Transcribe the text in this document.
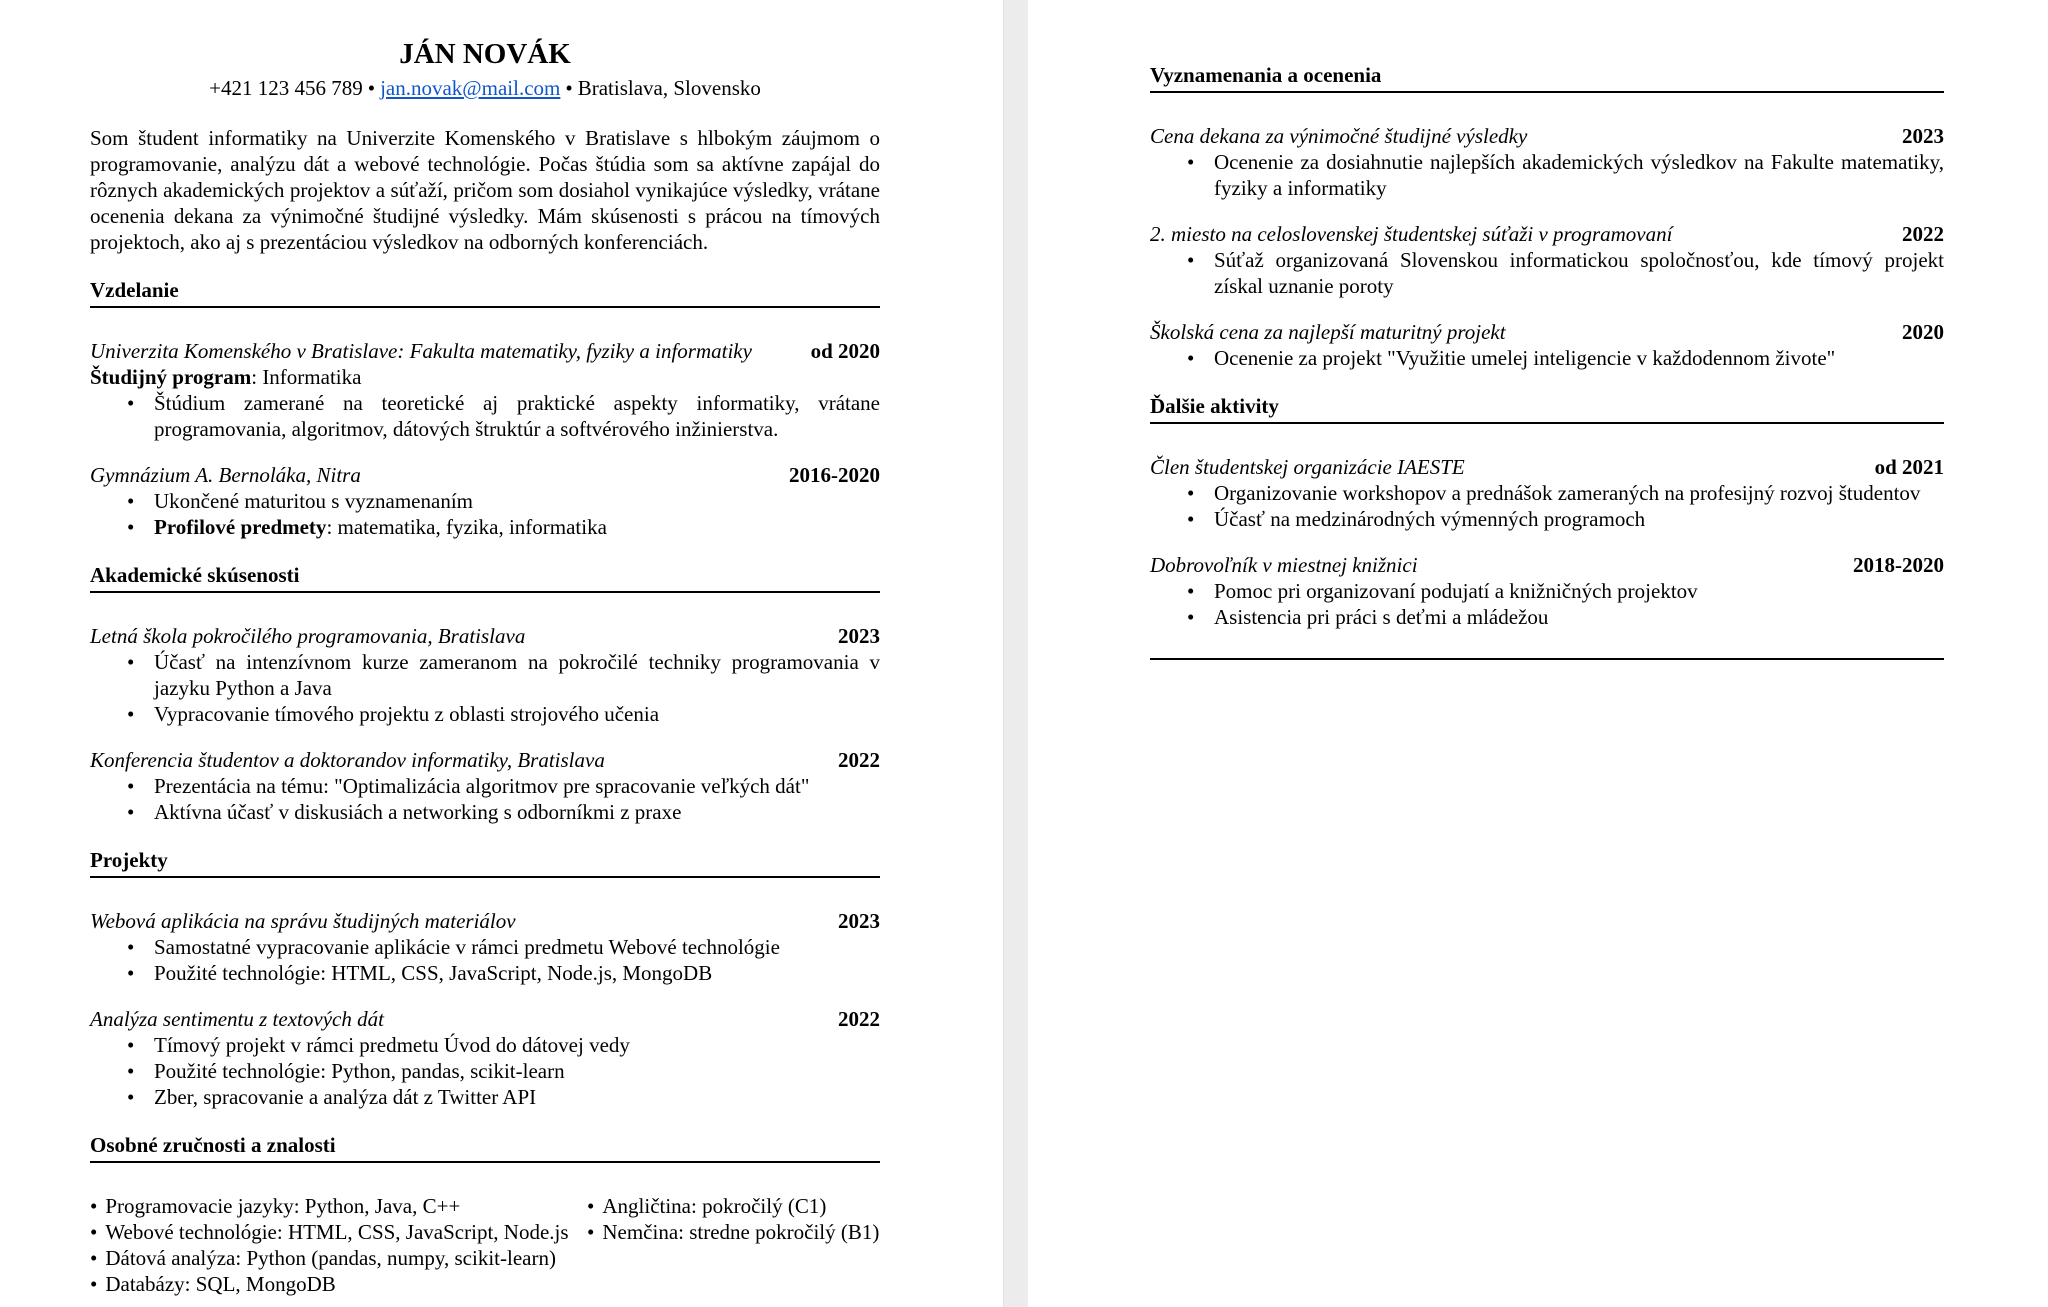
JÁN NOVÁK
+421 123 456 789 • jan.novak@mail.com • Bratislava, Slovensko
Som študent informatiky na Univerzite Komenského v Bratislave s hlbokým záujmom o programovanie, analýzu dát a webové technológie. Počas štúdia som sa aktívne zapájal do rôznych akademických projektov a súťaží, pričom som dosiahol vynikajúce výsledky, vrátane ocenenia dekana za výnimočné študijné výsledky. Mám skúsenosti s prácou na tímových projektoch, ako aj s prezentáciou výsledkov na odborných konferenciách.
Vzdelanie
Univerzita Komenského v Bratislave: Fakulta matematiky, fyziky a informatiky	od 2020
Študijný program: Informatika
• Štúdium zamerané na teoretické aj praktické aspekty informatiky, vrátane programovania, algoritmov, dátových štruktúr a softvérového inžinierstva.
Gymnázium A. Bernoláka, Nitra	2016-2020
• Ukončené maturitou s vyznamenaním
• Profilové predmety: matematika, fyzika, informatika
Akademické skúsenosti
Letná škola pokročilého programovania, Bratislava	2023
• Účasť na intenzívnom kurze zameranom na pokročilé techniky programovania v jazyku Python a Java
• Vypracovanie tímového projektu z oblasti strojového učenia
Konferencia študentov a doktorandov informatiky, Bratislava	2022
• Prezentácia na tému: "Optimalizácia algoritmov pre spracovanie veľkých dát"
• Aktívna účasť v diskusiách a networking s odborníkmi z praxe
Projekty
Webová aplikácia na správu študijných materiálov	2023
• Samostatné vypracovanie aplikácie v rámci predmetu Webové technológie
• Použité technológie: HTML, CSS, JavaScript, Node.js, MongoDB
Analýza sentimentu z textových dát	2022
• Tímový projekt v rámci predmetu Úvod do dátovej vedy
• Použité technológie: Python, pandas, scikit-learn
• Zber, spracovanie a analýza dát z Twitter API
Osobné zručnosti a znalosti
• Programovacie jazyky: Python, Java, C++
• Webové technológie: HTML, CSS, JavaScript, Node.js
• Dátová analýza: Python (pandas, numpy, scikit-learn)
• Databázy: SQL, MongoDB
• Angličtina: pokročilý (C1)
• Nemčina: stredne pokročilý (B1)
Vyznamenania a ocenenia
Cena dekana za výnimočné študijné výsledky	2023
• Ocenenie za dosiahnutie najlepších akademických výsledkov na Fakulte matematiky, fyziky a informatiky
2. miesto na celoslovenskej študentskej súťaži v programovaní	2022
• Súťaž organizovaná Slovenskou informatickou spoločnosťou, kde tímový projekt získal uznanie poroty
Školská cena za najlepší maturitný projekt	2020
• Ocenenie za projekt "Využitie umelej inteligencie v každodennom živote"
Ďalšie aktivity
Člen študentskej organizácie IAESTE	od 2021
• Organizovanie workshopov a prednášok zameraných na profesijný rozvoj študentov
• Účasť na medzinárodných výmenných programoch
Dobrovoľník v miestnej knižnici	2018-2020
• Pomoc pri organizovaní podujatí a knižničných projektov
• Asistencia pri práci s deťmi a mládežou
